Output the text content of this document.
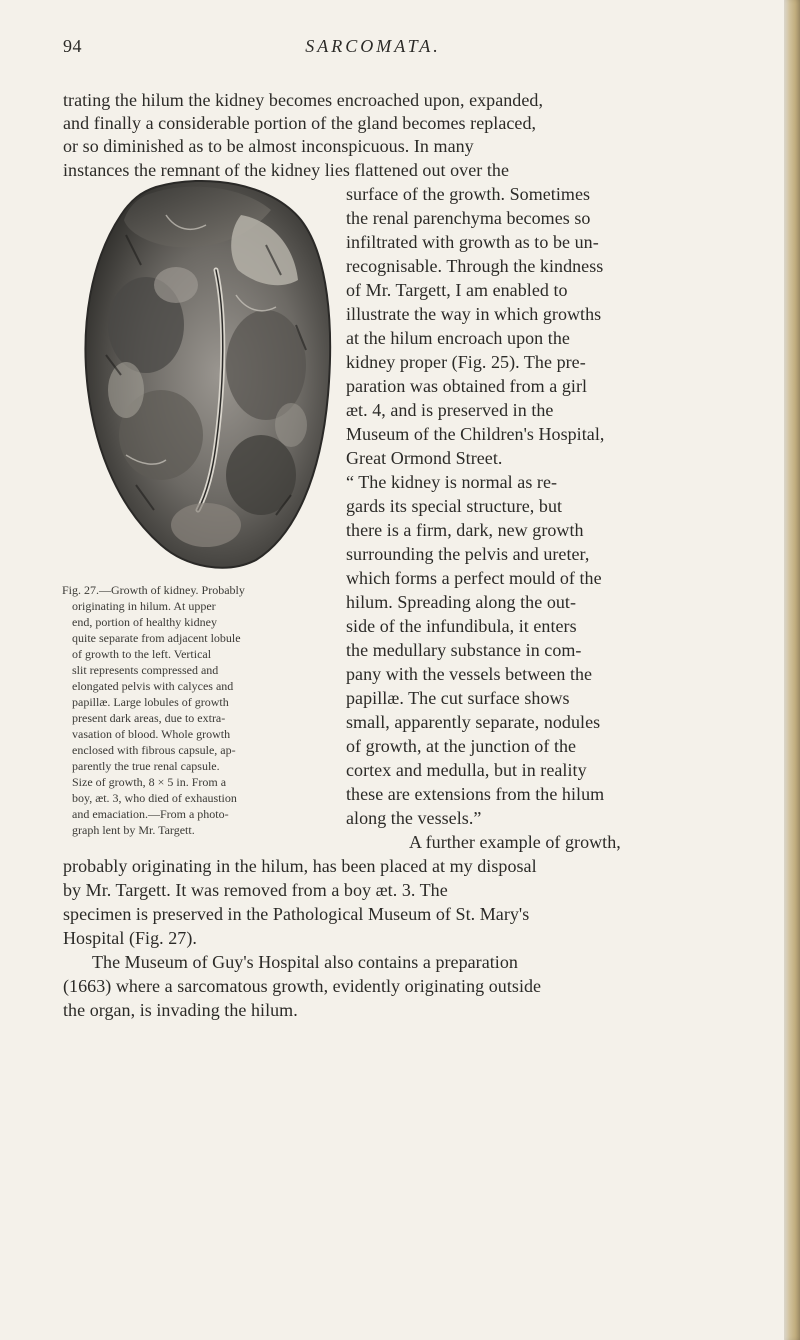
94	SARCOMATA.
trating the hilum the kidney becomes encroached upon, expanded,
and finally a considerable portion of the gland becomes replaced,
or so diminished as to be almost inconspicuous. In many
instances the remnant of the kidney lies flattened out over the
surface of the growth. Sometimes
the renal parenchyma becomes so
infiltrated with growth as to be un-
recognisable. Through the kindness
of Mr. Targett, I am enabled to
illustrate the way in which growths
at the hilum encroach upon the
kidney proper (Fig. 25). The pre-
paration was obtained from a girl
æt. 4, and is preserved in the
Museum of the Children's Hospital,
Great Ormond Street.
“ The kidney is normal as re-
gards its special structure, but
there is a firm, dark, new growth
surrounding the pelvis and ureter,
which forms a perfect mould of the
hilum. Spreading along the out-
side of the infundibula, it enters
the medullary substance in com-
pany with the vessels between the
papillæ. The cut surface shows
small, apparently separate, nodules
of growth, at the junction of the
cortex and medulla, but in reality
these are extensions from the hilum
along the vessels.”
A further example of growth,
probably originating in the hilum, has been placed at my disposal
by Mr. Targett. It was removed from a boy æt. 3. The
specimen is preserved in the Pathological Museum of St. Mary's
Hospital (Fig. 27).
The Museum of Guy's Hospital also contains a preparation
(1663) where a sarcomatous growth, evidently originating outside
the organ, is invading the hilum.
Fig. 27.—Growth of kidney. Probably
originating in hilum. At upper
end, portion of healthy kidney
quite separate from adjacent lobule
of growth to the left. Vertical
slit represents compressed and
elongated pelvis with calyces and
papillæ. Large lobules of growth
present dark areas, due to extra-
vasation of blood. Whole growth
enclosed with fibrous capsule, ap-
parently the true renal capsule.
Size of growth, 8 × 5 in. From a
boy, æt. 3, who died of exhaustion
and emaciation.—From a photo-
graph lent by Mr. Targett.
